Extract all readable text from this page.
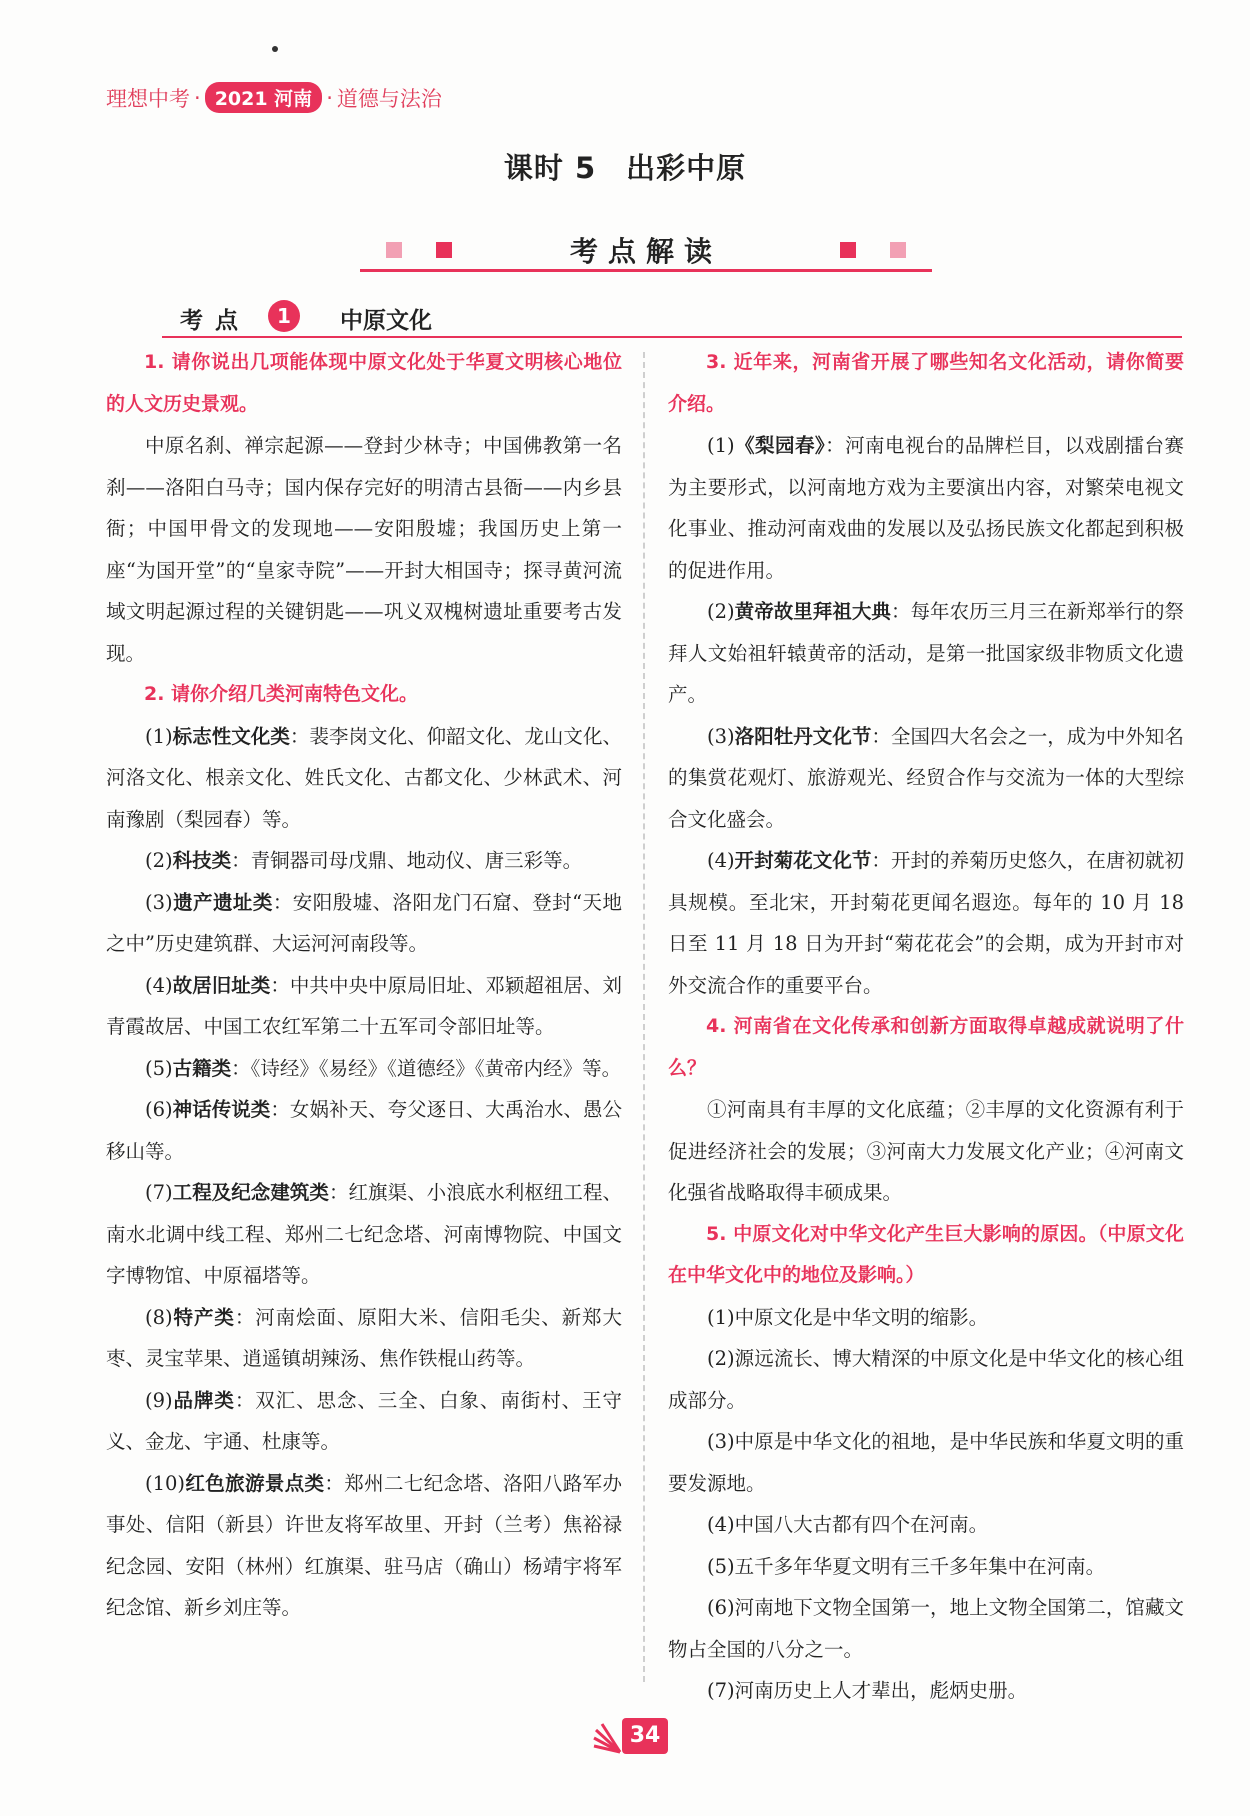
理想中考 · 2021 河南 · 道德与法治
课时 5　出彩中原
考点解读
考点	1	中原文化

1. 请你说出几项能体现中原文化处于华夏文明核心地位的人文历史景观。

中原名刹、禅宗起源——登封少林寺；中国佛教第一名刹——洛阳白马寺；国内保存完好的明清古县衙——内乡县衙；中国甲骨文的发现地——安阳殷墟；我国历史上第一座“为国开堂”的“皇家寺院”——开封大相国寺；探寻黄河流域文明起源过程的关键钥匙——巩义双槐树遗址重要考古发现。

2. 请你介绍几类河南特色文化。

(1)标志性文化类：裴李岗文化、仰韶文化、龙山文化、河洛文化、根亲文化、姓氏文化、古都文化、少林武术、河南豫剧（梨园春）等。

(2)科技类：青铜器司母戊鼎、地动仪、唐三彩等。

(3)遗产遗址类：安阳殷墟、洛阳龙门石窟、登封“天地之中”历史建筑群、大运河河南段等。

(4)故居旧址类：中共中央中原局旧址、邓颖超祖居、刘青霞故居、中国工农红军第二十五军司令部旧址等。

(5)古籍类：《诗经》《易经》《道德经》《黄帝内经》等。

(6)神话传说类：女娲补天、夸父逐日、大禹治水、愚公移山等。

(7)工程及纪念建筑类：红旗渠、小浪底水利枢纽工程、南水北调中线工程、郑州二七纪念塔、河南博物院、中国文字博物馆、中原福塔等。

(8)特产类：河南烩面、原阳大米、信阳毛尖、新郑大枣、灵宝苹果、逍遥镇胡辣汤、焦作铁棍山药等。

(9)品牌类：双汇、思念、三全、白象、南街村、王守义、金龙、宇通、杜康等。

(10)红色旅游景点类：郑州二七纪念塔、洛阳八路军办事处、信阳（新县）许世友将军故里、开封（兰考）焦裕禄纪念园、安阳（林州）红旗渠、驻马店（确山）杨靖宇将军纪念馆、新乡刘庄等。

3. 近年来，河南省开展了哪些知名文化活动，请你简要介绍。

(1)《梨园春》：河南电视台的品牌栏目，以戏剧擂台赛为主要形式，以河南地方戏为主要演出内容，对繁荣电视文化事业、推动河南戏曲的发展以及弘扬民族文化都起到积极的促进作用。

(2)黄帝故里拜祖大典：每年农历三月三在新郑举行的祭拜人文始祖轩辕黄帝的活动，是第一批国家级非物质文化遗产。

(3)洛阳牡丹文化节：全国四大名会之一，成为中外知名的集赏花观灯、旅游观光、经贸合作与交流为一体的大型综合文化盛会。

(4)开封菊花文化节：开封的养菊历史悠久，在唐初就初具规模。至北宋，开封菊花更闻名遐迩。每年的 10 月 18 日至 11 月 18 日为开封“菊花花会”的会期，成为开封市对外交流合作的重要平台。

4. 河南省在文化传承和创新方面取得卓越成就说明了什么？

①河南具有丰厚的文化底蕴；②丰厚的文化资源有利于促进经济社会的发展；③河南大力发展文化产业；④河南文化强省战略取得丰硕成果。

5. 中原文化对中华文化产生巨大影响的原因。（中原文化在中华文化中的地位及影响。）

(1)中原文化是中华文明的缩影。

(2)源远流长、博大精深的中原文化是中华文化的核心组成部分。

(3)中原是中华文化的祖地，是中华民族和华夏文明的重要发源地。

(4)中国八大古都有四个在河南。

(5)五千多年华夏文明有三千多年集中在河南。

(6)河南地下文物全国第一，地上文物全国第二，馆藏文物占全国的八分之一。

(7)河南历史上人才辈出，彪炳史册。

34
